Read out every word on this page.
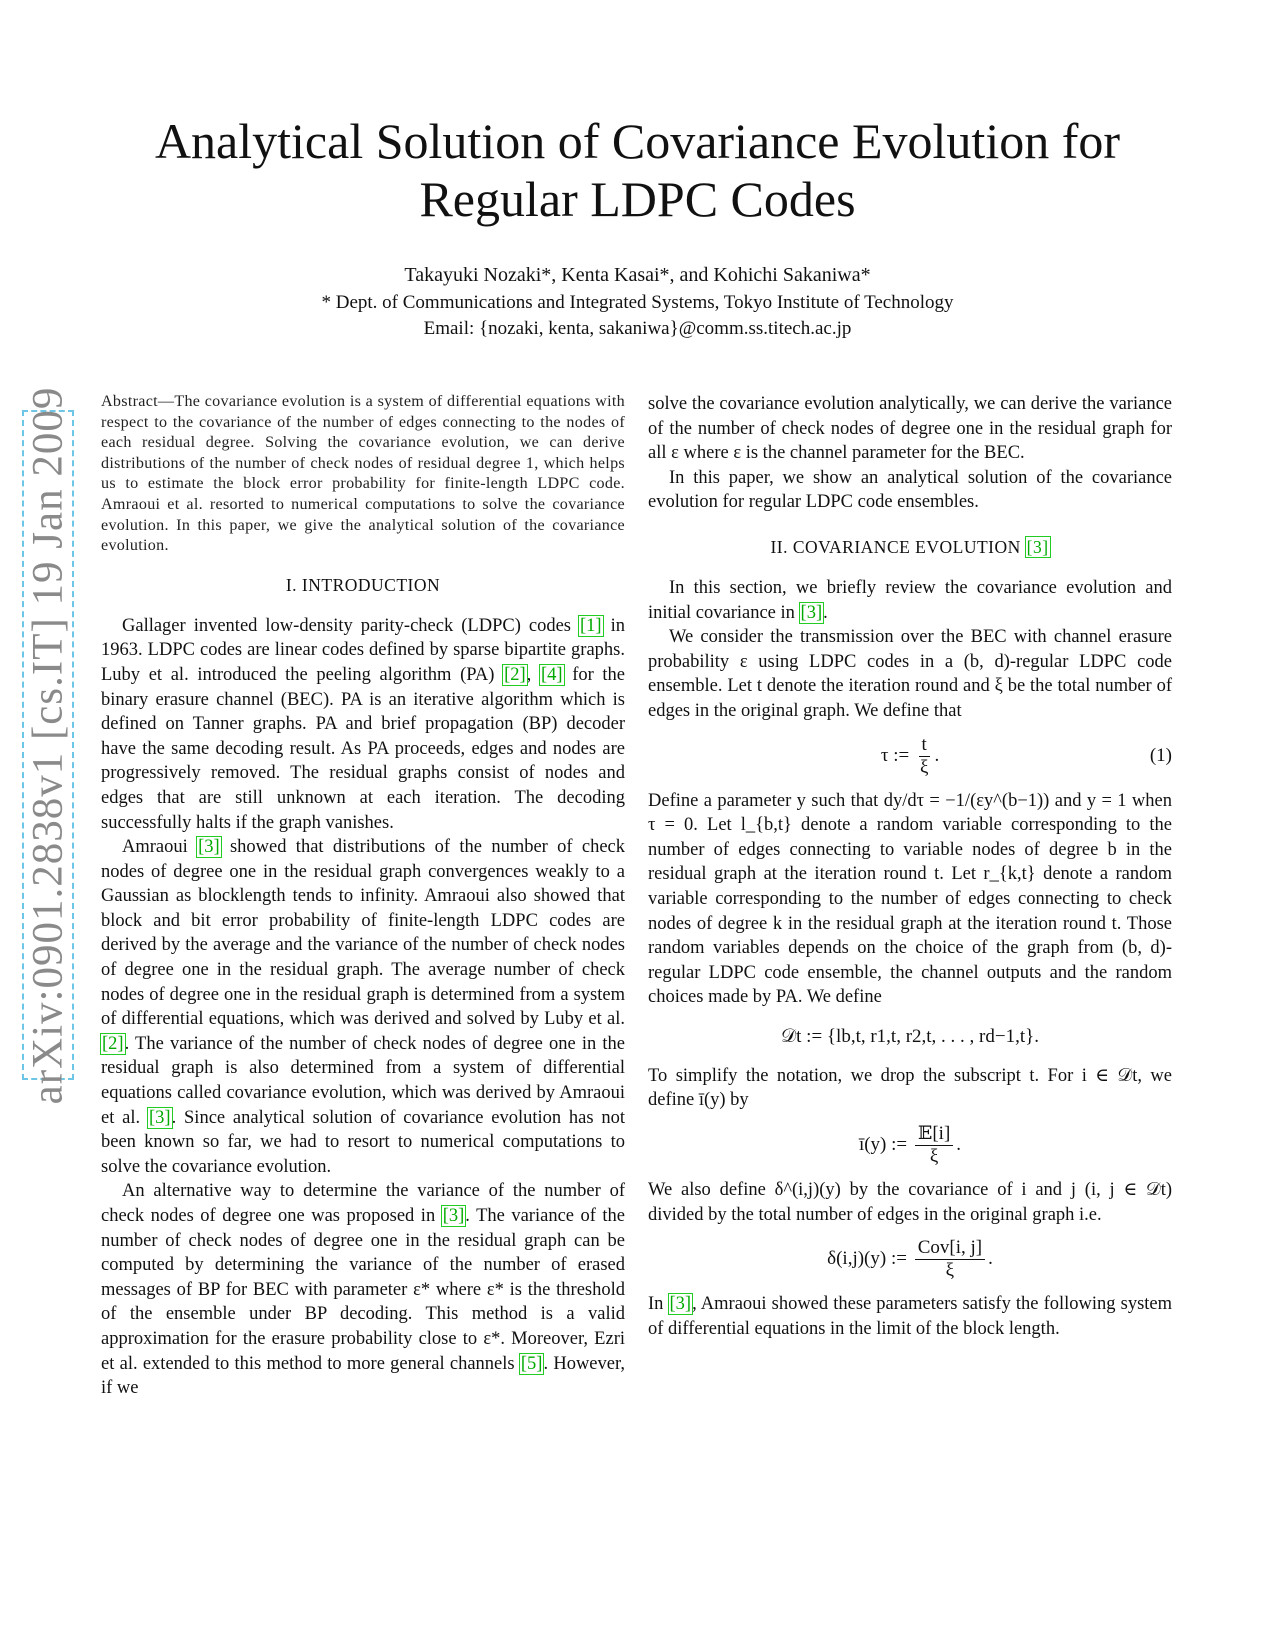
arXiv:0901.2838v1 [cs.IT] 19 Jan 2009
Analytical Solution of Covariance Evolution for
Regular LDPC Codes
Takayuki Nozaki*, Kenta Kasai*, and Kohichi Sakaniwa*
* Dept. of Communications and Integrated Systems, Tokyo Institute of Technology
Email: {nozaki, kenta, sakaniwa}@comm.ss.titech.ac.jp

Abstract—The covariance evolution is a system of differential equations with respect to the covariance of the number of edges connecting to the nodes of each residual degree. Solving the covariance evolution, we can derive distributions of the number of check nodes of residual degree 1, which helps us to estimate the block error probability for finite-length LDPC code. Amraoui et al. resorted to numerical computations to solve the covariance evolution. In this paper, we give the analytical solution of the covariance evolution.

I. INTRODUCTION

Gallager invented low-density parity-check (LDPC) codes [1] in 1963. LDPC codes are linear codes defined by sparse bipartite graphs. Luby et al. introduced the peeling algorithm (PA) [2], [4] for the binary erasure channel (BEC). PA is an iterative algorithm which is defined on Tanner graphs. PA and brief propagation (BP) decoder have the same decoding result. As PA proceeds, edges and nodes are progressively removed. The residual graphs consist of nodes and edges that are still unknown at each iteration. The decoding successfully halts if the graph vanishes.

Amraoui [3] showed that distributions of the number of check nodes of degree one in the residual graph convergences weakly to a Gaussian as blocklength tends to infinity. Amraoui also showed that block and bit error probability of finite-length LDPC codes are derived by the average and the variance of the number of check nodes of degree one in the residual graph. The average number of check nodes of degree one in the residual graph is determined from a system of differential equations, which was derived and solved by Luby et al. [2]. The variance of the number of check nodes of degree one in the residual graph is also determined from a system of differential equations called covariance evolution, which was derived by Amraoui et al. [3]. Since analytical solution of covariance evolution has not been known so far, we had to resort to numerical computations to solve the covariance evolution.

An alternative way to determine the variance of the number of check nodes of degree one was proposed in [3]. The variance of the number of check nodes of degree one in the residual graph can be computed by determining the variance of the number of erased messages of BP for BEC with parameter ε* where ε* is the threshold of the ensemble under BP decoding. This method is a valid approximation for the erasure probability close to ε*. Moreover, Ezri et al. extended to this method to more general channels [5]. However, if we

solve the covariance evolution analytically, we can derive the variance of the number of check nodes of degree one in the residual graph for all ε where ε is the channel parameter for the BEC.

In this paper, we show an analytical solution of the covariance evolution for regular LDPC code ensembles.

II. COVARIANCE EVOLUTION [3]

In this section, we briefly review the covariance evolution and initial covariance in [3].

We consider the transmission over the BEC with channel erasure probability ε using LDPC codes in a (b, d)-regular LDPC code ensemble. Let t denote the iteration round and ξ be the total number of edges in the original graph. We define that

τ := $\frac{t}{\xi}$ .	(1)

Define a parameter y such that dy/dτ = −1/(εy^(b−1)) and y = 1 when τ = 0. Let l_{b,t} denote a random variable corresponding to the number of edges connecting to variable nodes of degree b in the residual graph at the iteration round t. Let r_{k,t} denote a random variable corresponding to the number of edges connecting to check nodes of degree k in the residual graph at the iteration round t. Those random variables depends on the choice of the graph from (b, d)-regular LDPC code ensemble, the channel outputs and the random choices made by PA. We define

𝒟t := {lb,t, r1,t, r2,t, . . . , rd−1,t}.

To simplify the notation, we drop the subscript t. For i ∈ 𝒟t, we define ī(y) by

ī(y) := $\frac{\text{𝔼[i]}}{\xi}$ .

We also define δ^(i,j)(y) by the covariance of i and j (i, j ∈ 𝒟t) divided by the total number of edges in the original graph i.e.

δ(i,j)(y) := $\frac{\text{Cov[i, j]}}{\xi}$ .

In [3], Amraoui showed these parameters satisfy the following system of differential equations in the limit of the block length.
